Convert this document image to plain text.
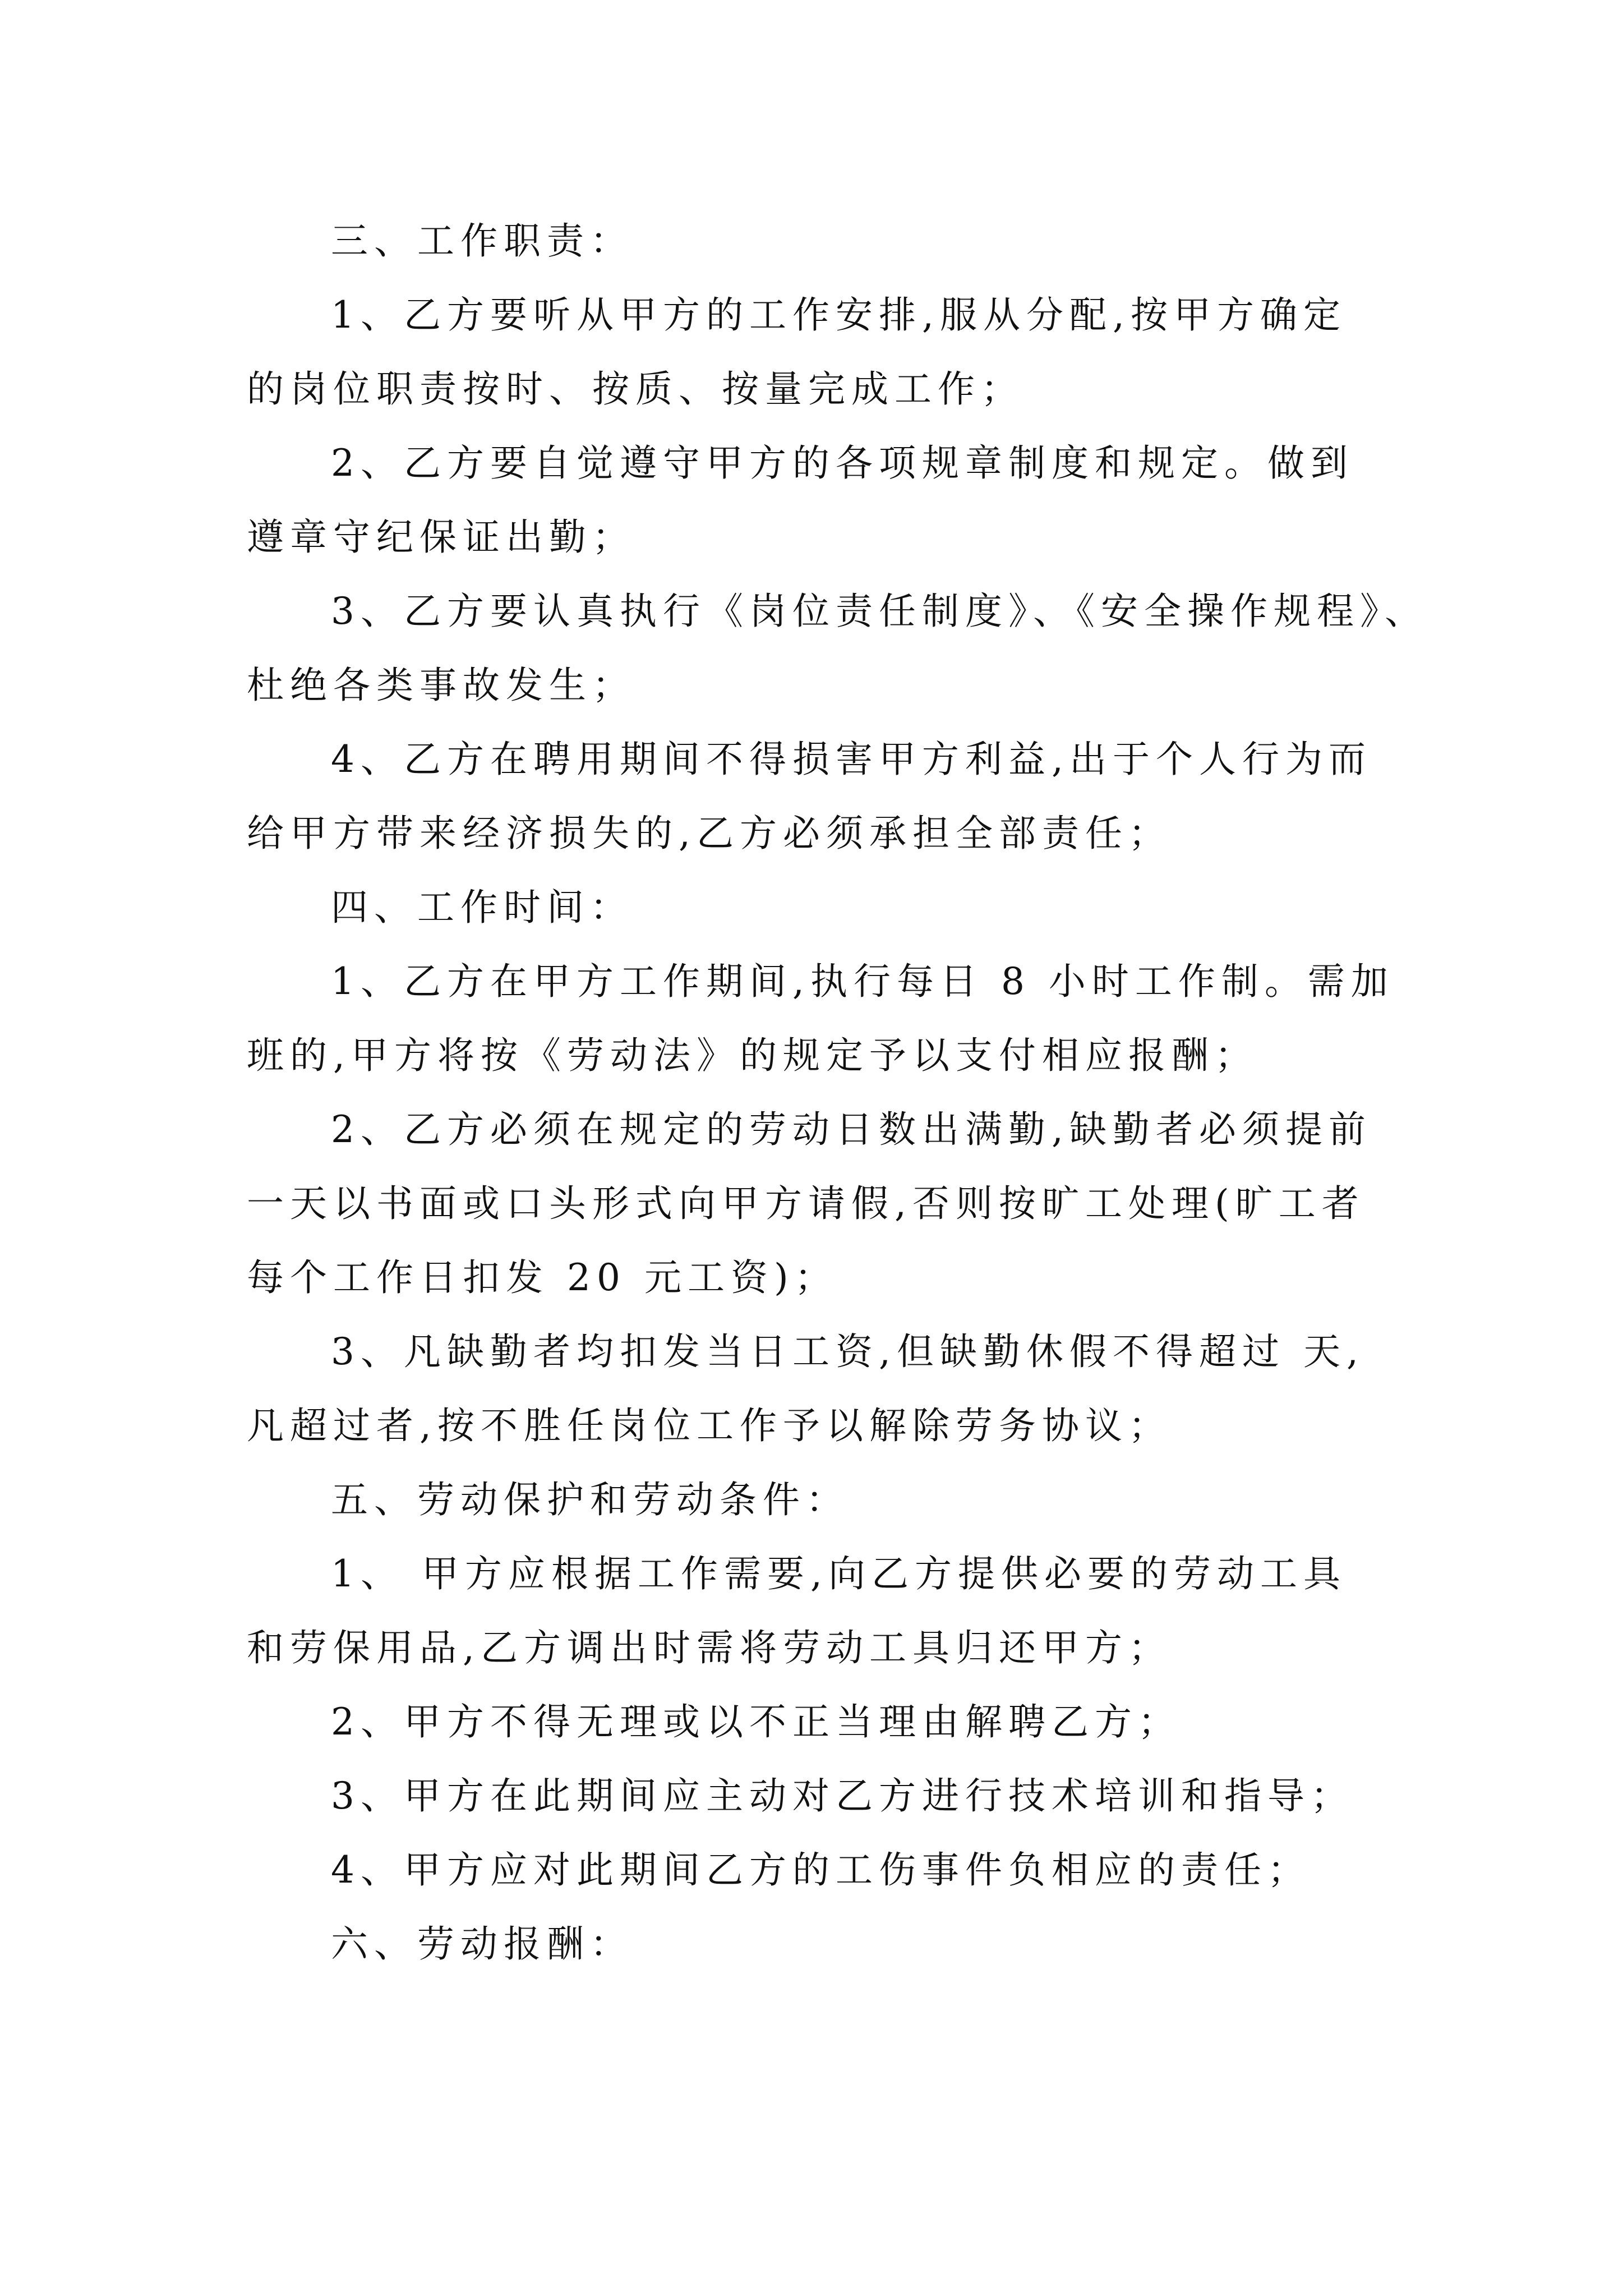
三、工作职责：

1、乙方要听从甲方的工作安排,服从分配,按甲方确定

的岗位职责按时、按质、按量完成工作；

2、乙方要自觉遵守甲方的各项规章制度和规定。做到

遵章守纪保证出勤；

3、乙方要认真执行《岗位责任制度》、《安全操作规程》、

杜绝各类事故发生；

4、乙方在聘用期间不得损害甲方利益,出于个人行为而

给甲方带来经济损失的,乙方必须承担全部责任；

四、工作时间：

1、乙方在甲方工作期间,执行每日 8 小时工作制。需加

班的,甲方将按《劳动法》的规定予以支付相应报酬；

2、乙方必须在规定的劳动日数出满勤,缺勤者必须提前

一天以书面或口头形式向甲方请假,否则按旷工处理(旷工者

每个工作日扣发 20 元工资)；

3、凡缺勤者均扣发当日工资,但缺勤休假不得超过 天,

凡超过者,按不胜任岗位工作予以解除劳务协议；

五、劳动保护和劳动条件：

1、 甲方应根据工作需要,向乙方提供必要的劳动工具

和劳保用品,乙方调出时需将劳动工具归还甲方；

2、甲方不得无理或以不正当理由解聘乙方；

3、甲方在此期间应主动对乙方进行技术培训和指导；

4、甲方应对此期间乙方的工伤事件负相应的责任；

六、劳动报酬：
